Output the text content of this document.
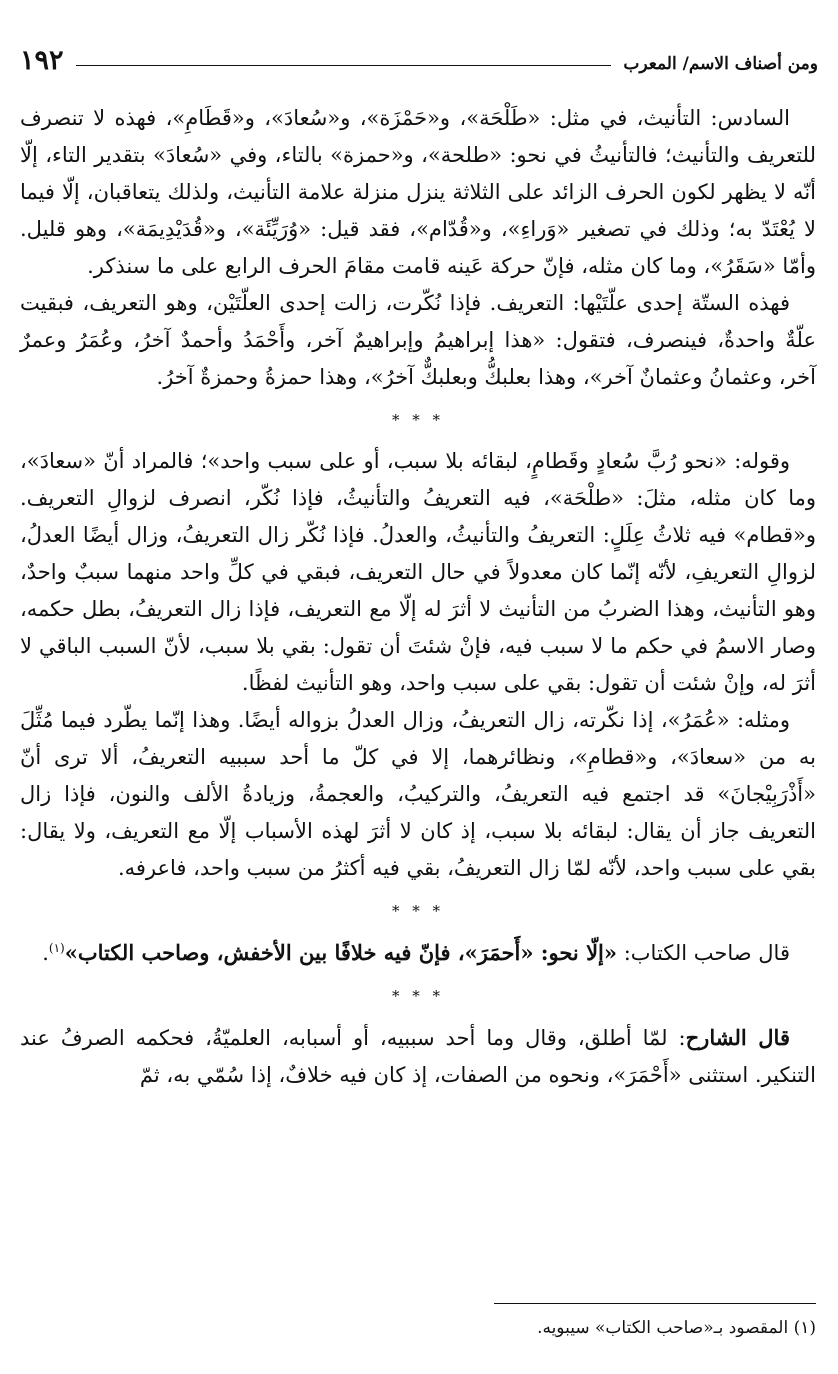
ومن أصناف الاسم/ المعرب
١٩٢

السادس: التأنيث، في مثل: «طَلْحَة»، و«حَمْزَة»، و«سُعادَ»، و«قَطَامِ»، فهذه لا تنصرف للتعريف والتأنيث؛ فالتأنيثُ في نحو: «طلحة»، و«حمزة» بالتاء، وفي «سُعادَ» بتقدير التاء، إلّا أنّه لا يظهر لكون الحرف الزائد على الثلاثة ينزل منزلة علامة التأنيث، ولذلك يتعاقبان، إلّا فيما لا يُعْتَدّ به؛ وذلك في تصغير «وَراءِ»، و«قُدّام»، فقد قيل: «وُرَيِّئَة»، و«قُدَيْدِيمَة»، وهو قليل. وأمّا «سَقَرُ»، وما كان مثله، فإنّ حركة عَينه قامت مقامَ الحرف الرابع على ما سنذكر.

فهذه الستّة إحدى علّتَيْها: التعريف. فإذا نُكّرت، زالت إحدى العلّتَيْن، وهو التعريف، فبقيت علّةٌ واحدةٌ، فينصرف، فتقول: «هذا إبراهيمُ وإبراهيمٌ آخر، وأَحْمَدُ وأحمدٌ آخرُ، وعُمَرُ وعمرٌ آخر، وعثمانُ وعثمانٌ آخر»، وهذا بعلبكُّ وبعلبكٌّ آخرُ»، وهذا حمزةُ وحمزةٌ آخرُ.

* * *

وقوله: «نحو رُبَّ سُعادٍ وقَطامٍ، لبقائه بلا سبب، أو على سبب واحد»؛ فالمراد أنّ «سعادَ»، وما كان مثله، مثلَ: «طلْحَة»، فيه التعريفُ والتأنيثُ، فإذا نُكّر، انصرف لزوالِ التعريف. و«قطام» فيه ثلاثُ عِلَلٍ: التعريفُ والتأنيثُ، والعدلُ. فإذا نُكّر زال التعريفُ، وزال أيضًا العدلُ، لزوالِ التعريفِ، لأنّه إنّما كان معدولاً في حال التعريف، فبقي في كلِّ واحد منهما سببٌ واحدٌ، وهو التأنيث، وهذا الضربُ من التأنيث لا أثرَ له إلّا مع التعريف، فإذا زال التعريفُ، بطل حكمه، وصار الاسمُ في حكم ما لا سبب فيه، فإنْ شئتَ أن تقول: بقي بلا سبب، لأنّ السبب الباقي لا أثرَ له، وإنْ شئت أن تقول: بقي على سبب واحد، وهو التأنيث لفظًا.

ومثله: «عُمَرُ»، إذا نكّرته، زال التعريفُ، وزال العدلُ بزواله أيضًا. وهذا إنّما يطّرد فيما مُثِّلَ به من «سعادَ»، و«قطامِ»، ونظائرهما، إلا في كلّ ما أحد سببيه التعريفُ، ألا ترى أنّ «أَذْرَبِيْجانَ» قد اجتمع فيه التعريفُ، والتركيبُ، والعجمةُ، وزيادةُ الألف والنون، فإذا زال التعريف جاز أن يقال: لبقائه بلا سبب، إذ كان لا أثرَ لهذه الأسباب إلّا مع التعريف، ولا يقال: بقي على سبب واحد، لأنّه لمّا زال التعريفُ، بقي فيه أكثرُ من سبب واحد، فاعرفه.

* * *

قال صاحب الكتاب: «إلّا نحو: «أَحمَرَ»، فإنّ فيه خلافًا بين الأخفش، وصاحب الكتاب»$^{(١)}$.

* * *

قال الشارح: لمّا أطلق، وقال وما أحد سببيه، أو أسبابه، العلميّةُ، فحكمه الصرفُ عند التنكير. استثنى «أَحْمَرَ»، ونحوه من الصفات، إذ كان فيه خلافٌ، إذا سُمّي به، ثمّ

(١) المقصود بـ«صاحب الكتاب» سيبويه.
